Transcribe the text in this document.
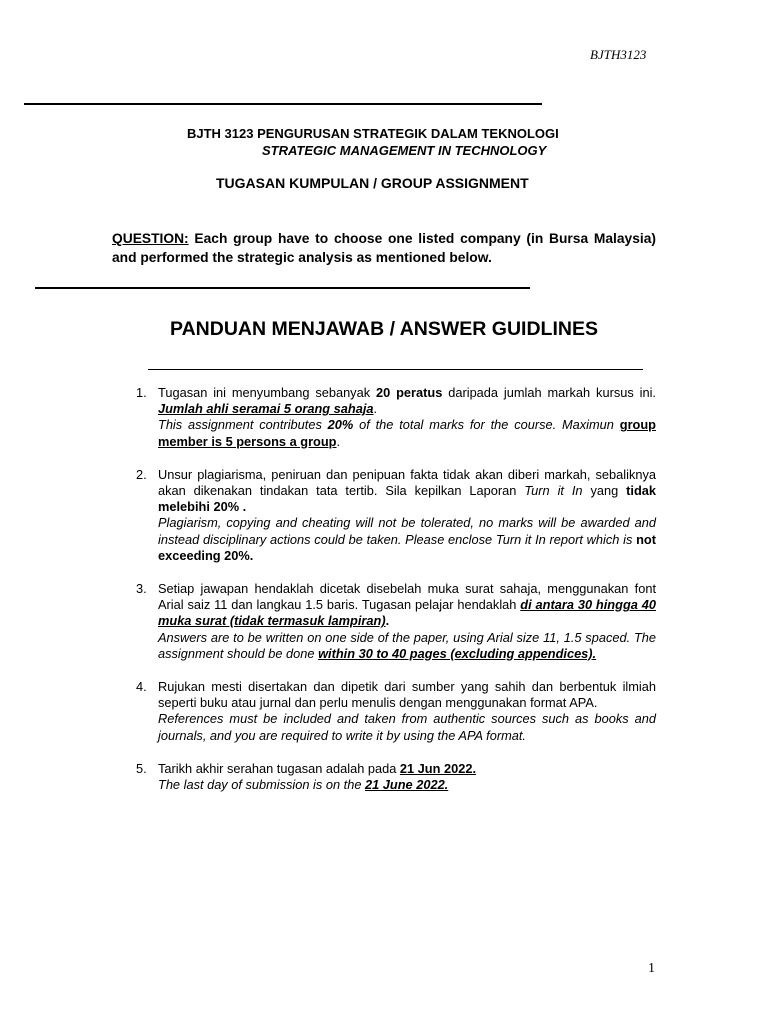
BJTH3123
BJTH 3123 PENGURUSAN STRATEGIK DALAM TEKNOLOGI
STRATEGIC MANAGEMENT IN TECHNOLOGY
TUGASAN KUMPULAN / GROUP ASSIGNMENT
QUESTION: Each group have to choose one listed company (in Bursa Malaysia) and performed the strategic analysis as mentioned below.
PANDUAN MENJAWAB / ANSWER GUIDLINES
1. Tugasan ini menyumbang sebanyak 20 peratus daripada jumlah markah kursus ini. Jumlah ahli seramai 5 orang sahaja.

This assignment contributes 20% of the total marks for the course. Maximun group member is 5 persons a group.

2. Unsur plagiarisma, peniruan dan penipuan fakta tidak akan diberi markah, sebaliknya akan dikenakan tindakan tata tertib. Sila kepilkan Laporan Turn it In yang tidak melebihi 20% .

Plagiarism, copying and cheating will not be tolerated, no marks will be awarded and instead disciplinary actions could be taken. Please enclose Turn it In report which is not exceeding 20%.

3. Setiap jawapan hendaklah dicetak disebelah muka surat sahaja, menggunakan font Arial saiz 11 dan langkau 1.5 baris. Tugasan pelajar hendaklah di antara 30 hingga 40 muka surat (tidak termasuk lampiran).

Answers are to be written on one side of the paper, using Arial size 11, 1.5 spaced. The assignment should be done within 30 to 40 pages (excluding appendices).

4. Rujukan mesti disertakan dan dipetik dari sumber yang sahih dan berbentuk ilmiah seperti buku atau jurnal dan perlu menulis dengan menggunakan format APA.

References must be included and taken from authentic sources such as books and journals, and you are required to write it by using the APA format.

5. Tarikh akhir serahan tugasan adalah pada 21 Jun 2022.

The last day of submission is on the 21 June 2022.

1
